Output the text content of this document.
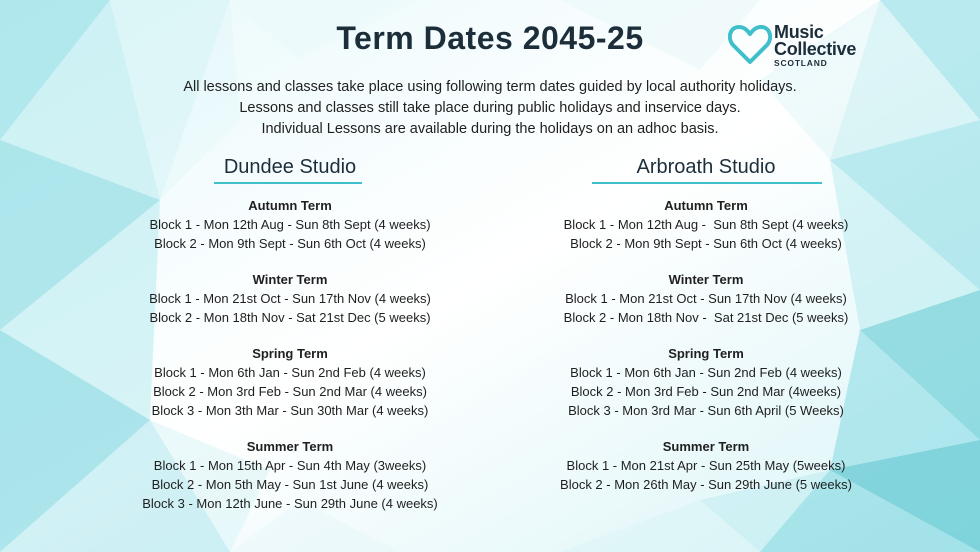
Term Dates 2045-25	Music
Collective
SCOTLAND
All lessons and classes take place using following term dates guided by local authority holidays.
Lessons and classes still take place during public holidays and inservice days.
Individual Lessons are available during the holidays on an adhoc basis.
Dundee Studio
Autumn Term
Block 1 - Mon 12th Aug - Sun 8th Sept (4 weeks)
Block 2 - Mon 9th Sept - Sun 6th Oct (4 weeks)
Winter Term
Block 1 - Mon 21st Oct - Sun 17th Nov (4 weeks)
Block 2 - Mon 18th Nov - Sat 21st Dec (5 weeks)
Spring Term
Block 1 - Mon 6th Jan - Sun 2nd Feb (4 weeks)
Block 2 - Mon 3rd Feb - Sun 2nd Mar (4 weeks)
Block 3 - Mon 3th Mar - Sun 30th Mar (4 weeks)
Summer Term
Block 1 - Mon 15th Apr - Sun 4th May (3weeks)
Block 2 - Mon 5th May - Sun 1st June (4 weeks)
Block 3 - Mon 12th June - Sun 29th June (4 weeks)
Arbroath Studio
Autumn Term
Block 1 - Mon 12th Aug -  Sun 8th Sept (4 weeks)
Block 2 - Mon 9th Sept - Sun 6th Oct (4 weeks)
Winter Term
Block 1 - Mon 21st Oct - Sun 17th Nov (4 weeks)
Block 2 - Mon 18th Nov -  Sat 21st Dec (5 weeks)
Spring Term
Block 1 - Mon 6th Jan - Sun 2nd Feb (4 weeks)
Block 2 - Mon 3rd Feb - Sun 2nd Mar (4weeks)
Block 3 - Mon 3rd Mar - Sun 6th April (5 Weeks)
Summer Term
Block 1 - Mon 21st Apr - Sun 25th May (5weeks)
Block 2 - Mon 26th May - Sun 29th June (5 weeks)
